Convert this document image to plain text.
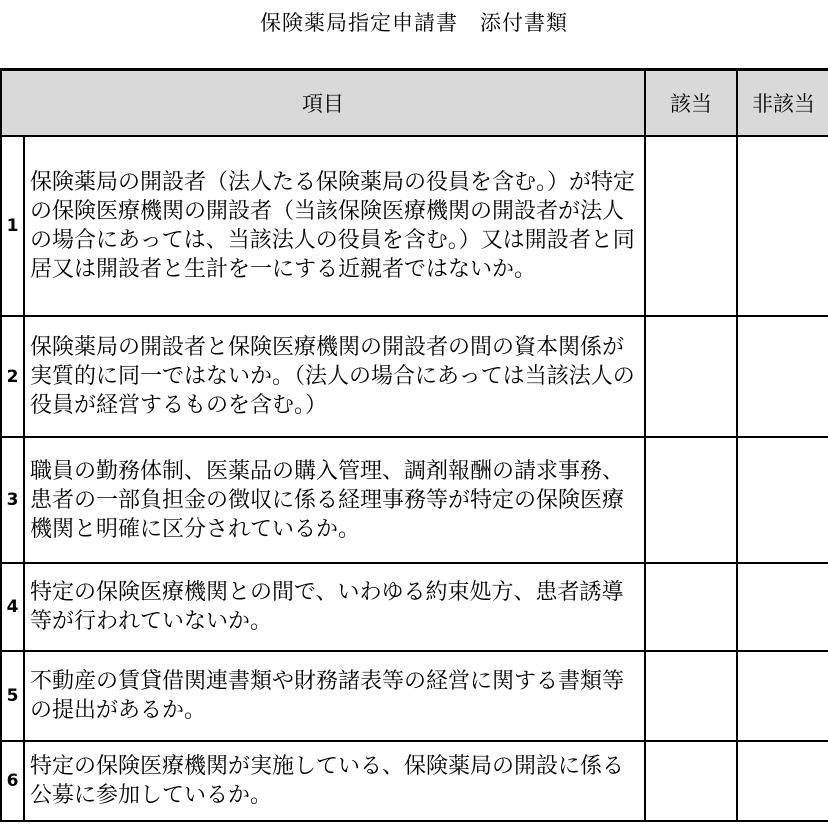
保険薬局指定申請書　添付書類
項目		該当	非該当
1	保険薬局の開設者（法人たる保険薬局の役員を含む。）が特定の保険医療機関の開設者（当該保険医療機関の開設者が法人の場合にあっては、当該法人の役員を含む。）又は開設者と同居又は開設者と生計を一にする近親者ではないか。		
2	保険薬局の開設者と保険医療機関の開設者の間の資本関係が実質的に同一ではないか。（法人の場合にあっては当該法人の役員が経営するものを含む。）		
3	職員の勤務体制、医薬品の購入管理、調剤報酬の請求事務、患者の一部負担金の徴収に係る経理事務等が特定の保険医療機関と明確に区分されているか。		
4	特定の保険医療機関との間で、いわゆる約束処方、患者誘導等が行われていないか。		
5	不動産の賃貸借関連書類や財務諸表等の経営に関する書類等の提出があるか。		
6	特定の保険医療機関が実施している、保険薬局の開設に係る公募に参加しているか。		
